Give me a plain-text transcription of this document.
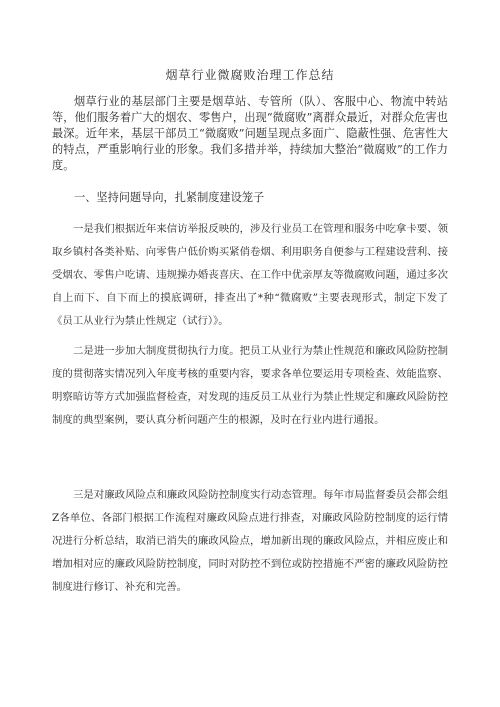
烟草行业微腐败治理工作总结

烟草行业的基层部门主要是烟草站、专管所（队）、客服中心、物流中转站等，他们服务着广大的烟农、零售户，出现“微腐败”离群众最近，对群众危害也最深。近年来，基层干部员工“微腐败”问题呈现点多面广、隐蔽性强、危害性大的特点，严重影响行业的形象。我们多措并举，持续加大整治“微腐败”的工作力度。

一、坚持问题导向，扎紧制度建设笼子

一是我们根据近年来信访举报反映的，涉及行业员工在管理和服务中吃拿卡要、领取乡镇村各类补贴、向零售户低价购买紧俏卷烟、利用职务自便参与工程建设营利、接受烟农、零售户吃请、违规操办婚丧喜庆、在工作中优亲厚友等微腐败问题，通过多次自上而下、自下而上的摸底调研，排查出了*种“微腐败”主要表现形式，制定下发了《员工从业行为禁止性规定（试行）》。

二是进一步加大制度贯彻执行力度。把员工从业行为禁止性规范和廉政风险防控制度的贯彻落实情况列入年度考核的重要内容，要求各单位要运用专项检查、效能监察、明察暗访等方式加强监督检查，对发现的违反员工从业行为禁止性规定和廉政风险防控制度的典型案例，要认真分析问题产生的根源，及时在行业内进行通报。

三是对廉政风险点和廉政风险防控制度实行动态管理。每年市局监督委员会都会组Z各单位、各部门根据工作流程对廉政风险点进行排查，对廉政风险防控制度的运行情况进行分析总结，取消已消失的廉政风险点，增加新出现的廉政风险点，并相应废止和增加相对应的廉政风险防控制度，同时对防控不到位或防控措施不严密的廉政风险防控制度进行修订、补充和完善。
